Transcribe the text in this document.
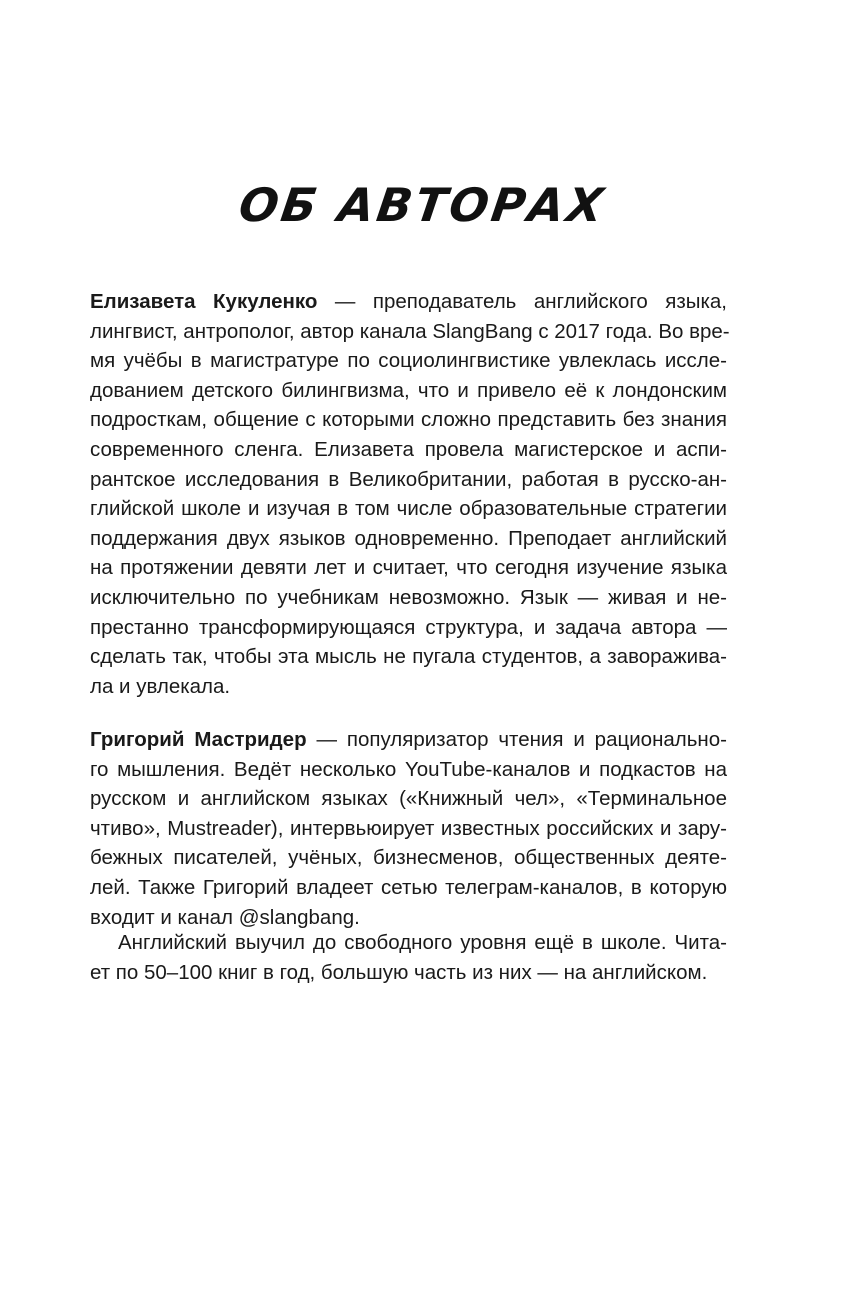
ОБ АВТОРАХ
Елизавета Кукуленко — преподаватель английского языка,
лингвист, антрополог, автор канала SlangBang с 2017 года. Во вре-
мя учёбы в магистратуре по социолингвистике увлеклась иссле-
дованием детского билингвизма, что и привело её к лондонским
подросткам, общение с которыми сложно представить без знания
современного сленга. Елизавета провела магистерское и аспи-
рантское исследования в Великобритании, работая в русско-ан-
глийской школе и изучая в том числе образовательные стратегии
поддержания двух языков одновременно. Преподает английский
на протяжении девяти лет и считает, что сегодня изучение языка
исключительно по учебникам невозможно. Язык — живая и не-
престанно трансформирующаяся структура, и задача автора —
сделать так, чтобы эта мысль не пугала студентов, а заворажива-
ла и увлекала.
Григорий Мастридер — популяризатор чтения и рационально-
го мышления. Ведёт несколько YouTube-каналов и подкастов на
русском и английском языках («Книжный чел», «Терминальное
чтиво», Mustreader), интервьюирует известных российских и зару-
бежных писателей, учёных, бизнесменов, общественных деяте-
лей. Также Григорий владеет сетью телеграм-каналов, в которую
входит и канал @slangbang.
Английский выучил до свободного уровня ещё в школе. Чита-
ет по 50–100 книг в год, большую часть из них — на английском.
